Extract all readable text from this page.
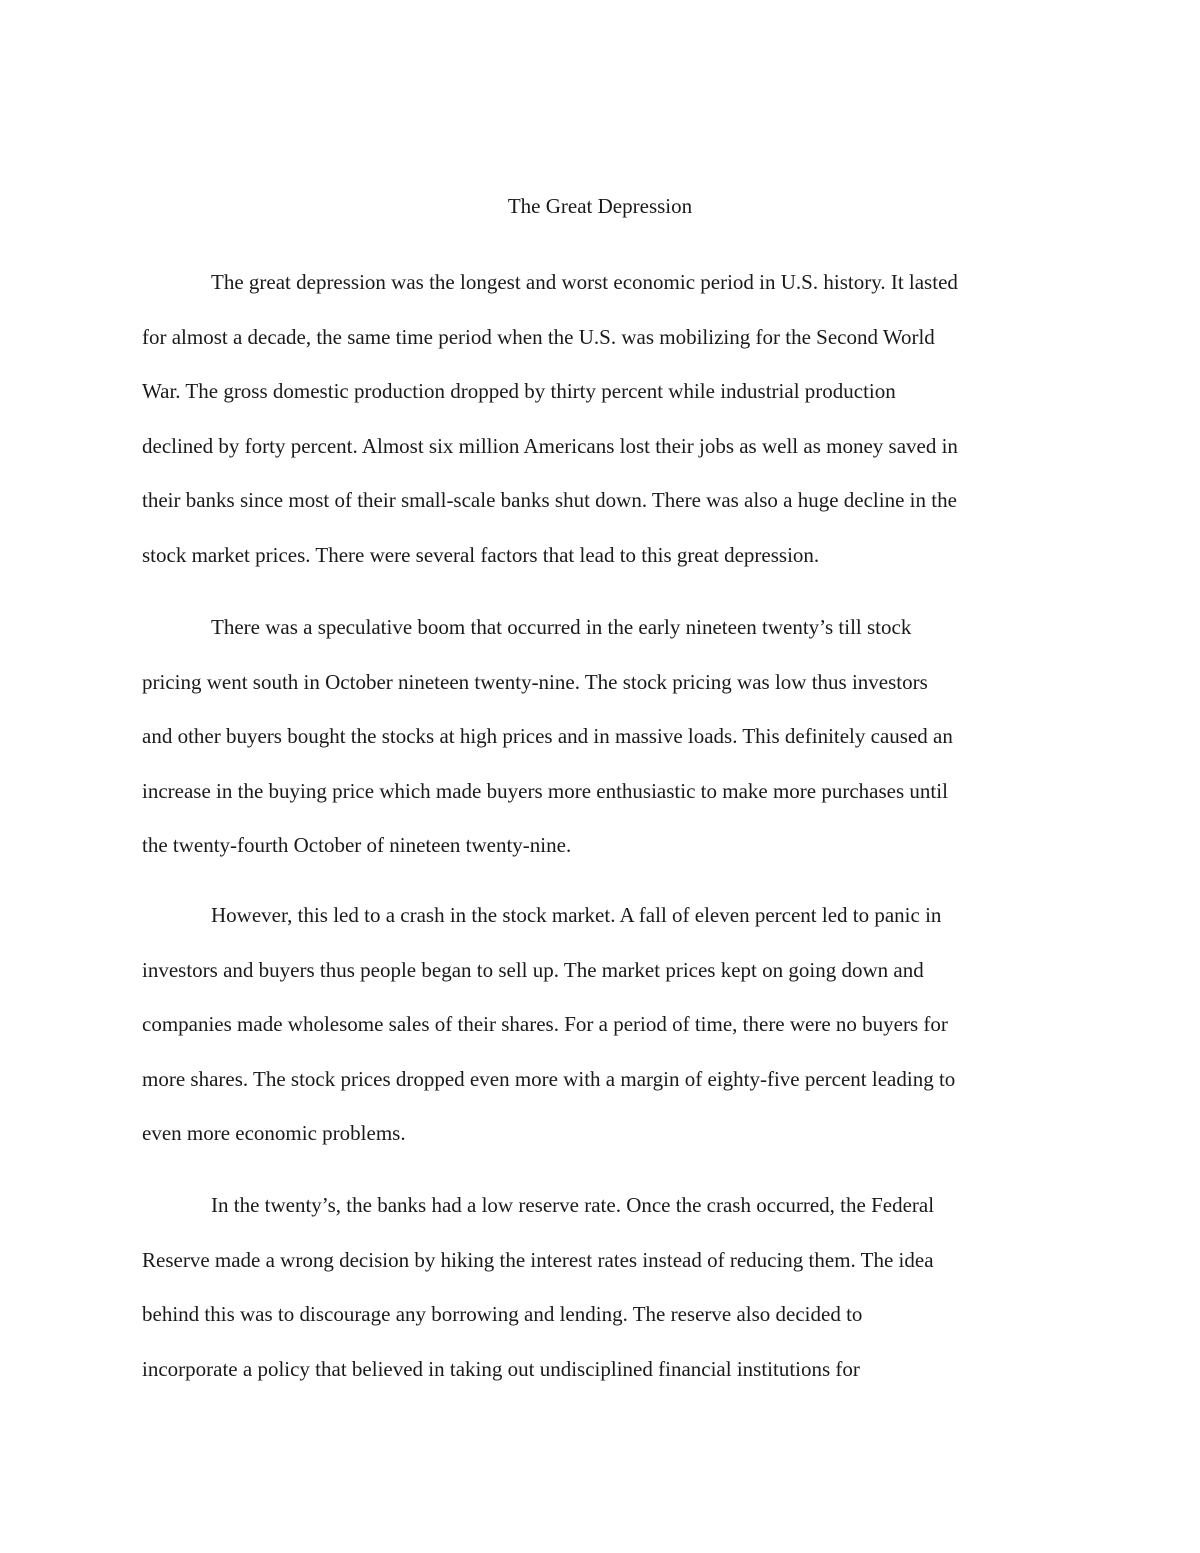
The Great Depression
The great depression was the longest and worst economic period in U.S. history. It lasted
for almost a decade, the same time period when the U.S. was mobilizing for the Second World
War. The gross domestic production dropped by thirty percent while industrial production
declined by forty percent. Almost six million Americans lost their jobs as well as money saved in
their banks since most of their small-scale banks shut down. There was also a huge decline in the
stock market prices. There were several factors that lead to this great depression.
There was a speculative boom that occurred in the early nineteen twenty’s till stock
pricing went south in October nineteen twenty-nine. The stock pricing was low thus investors
and other buyers bought the stocks at high prices and in massive loads. This definitely caused an
increase in the buying price which made buyers more enthusiastic to make more purchases until
the twenty-fourth October of nineteen twenty-nine.
However, this led to a crash in the stock market. A fall of eleven percent led to panic in
investors and buyers thus people began to sell up. The market prices kept on going down and
companies made wholesome sales of their shares. For a period of time, there were no buyers for
more shares. The stock prices dropped even more with a margin of eighty-five percent leading to
even more economic problems.
In the twenty’s, the banks had a low reserve rate. Once the crash occurred, the Federal
Reserve made a wrong decision by hiking the interest rates instead of reducing them. The idea
behind this was to discourage any borrowing and lending. The reserve also decided to
incorporate a policy that believed in taking out undisciplined financial institutions for
